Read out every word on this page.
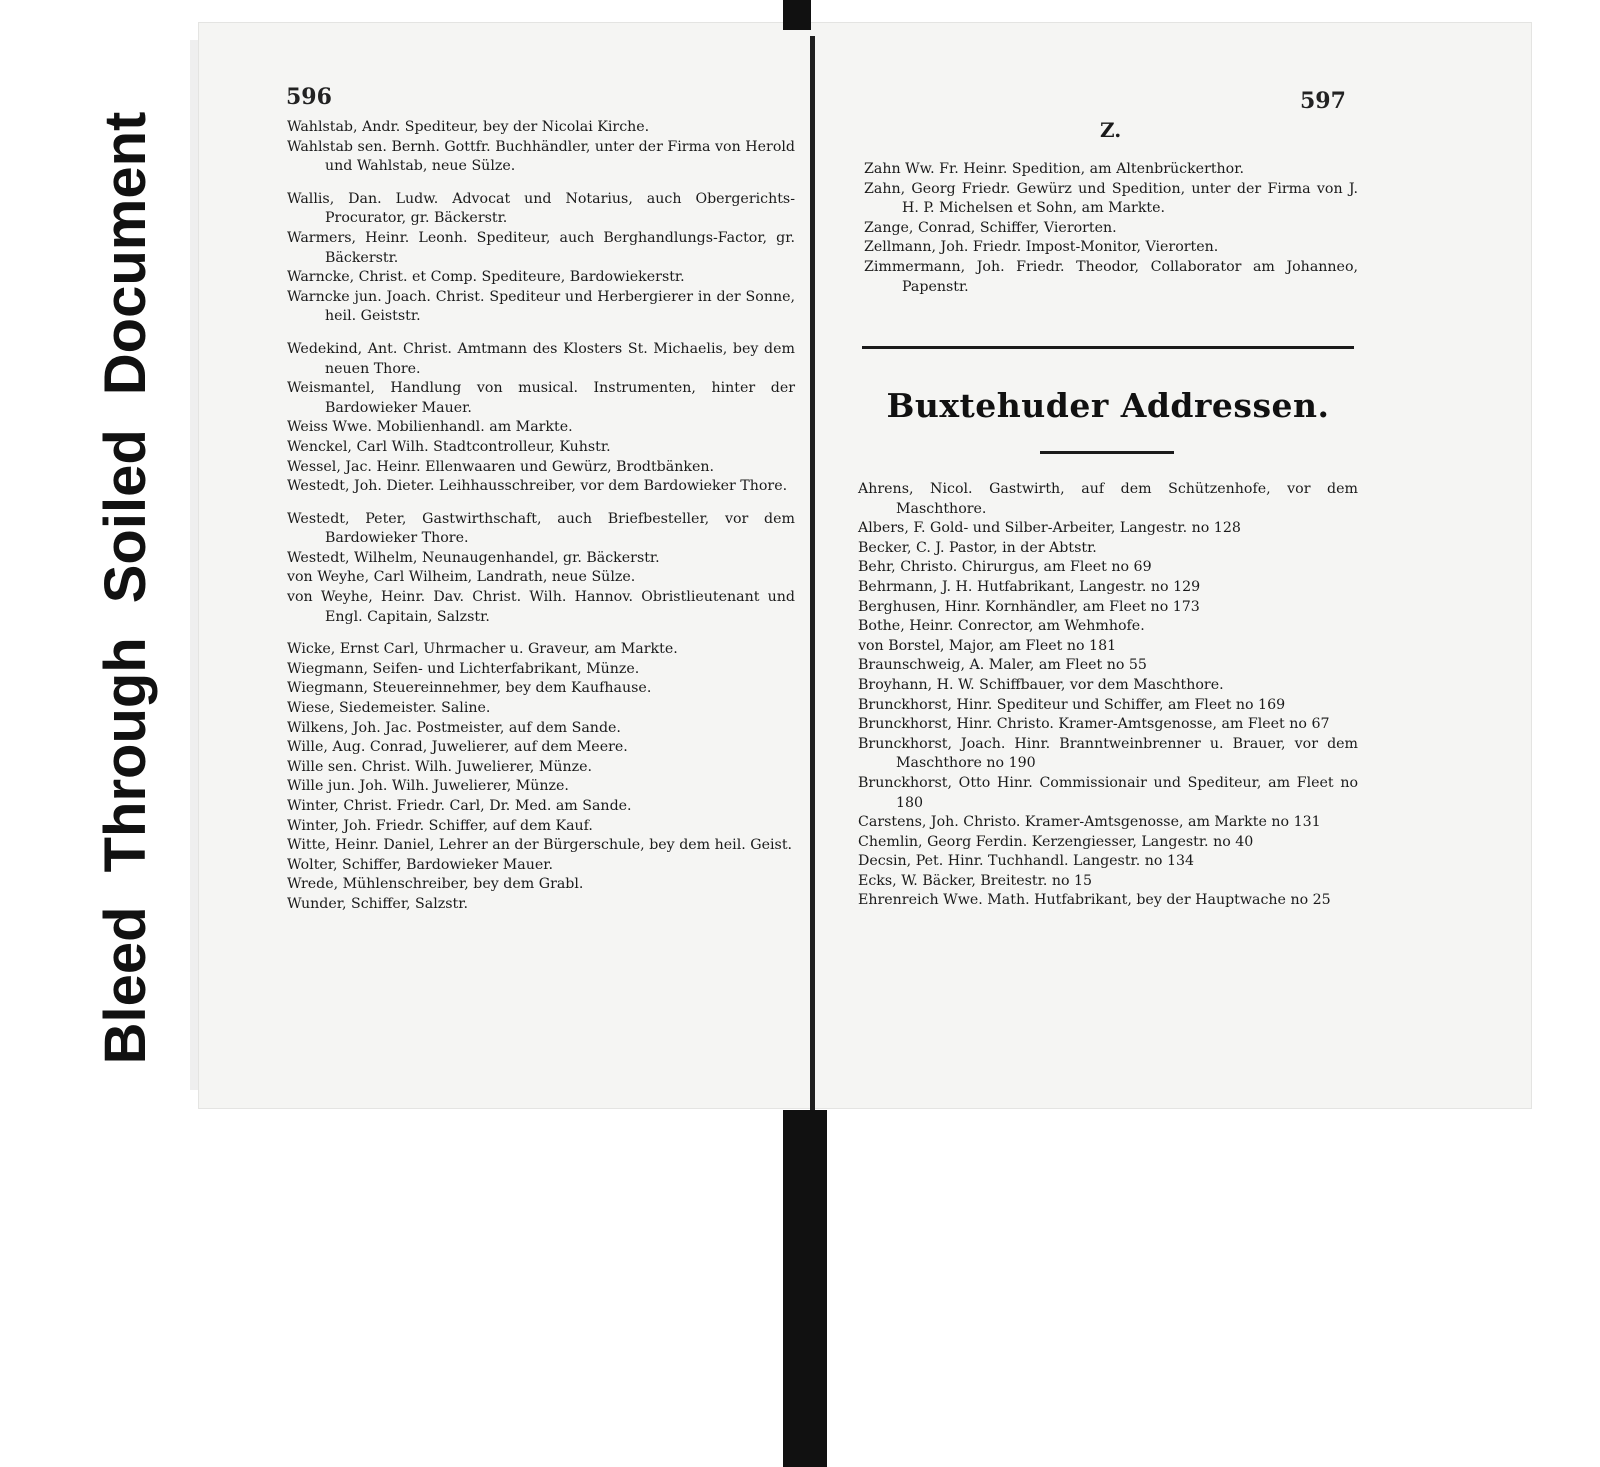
Bleed
Through
Soiled
Document
596

Wahlstab, Andr. Spediteur, bey der Nicolai Kirche.

Wahlstab sen. Bernh. Gottfr. Buchhändler, unter der Firma von Herold und Wahlstab, neue Sülze.

Wallis, Dan. Ludw. Advocat und Notarius, auch Obergerichts-Procurator, gr. Bäckerstr.

Warmers, Heinr. Leonh. Spediteur, auch Berghandlungs-Factor, gr. Bäckerstr.

Warncke, Christ. et Comp. Spediteure, Bardowiekerstr.

Warncke jun. Joach. Christ. Spediteur und Herbergierer in der Sonne, heil. Geiststr.

Wedekind, Ant. Christ. Amtmann des Klosters St. Michaelis, bey dem neuen Thore.

Weismantel, Handlung von musical. Instrumenten, hinter der Bardowieker Mauer.

Weiss Wwe. Mobilienhandl. am Markte.

Wenckel, Carl Wilh. Stadtcontrolleur, Kuhstr.

Wessel, Jac. Heinr. Ellenwaaren und Gewürz, Brodtbänken.

Westedt, Joh. Dieter. Leihhausschreiber, vor dem Bardowieker Thore.

Westedt, Peter, Gastwirthschaft, auch Briefbesteller, vor dem Bardowieker Thore.

Westedt, Wilhelm, Neunaugenhandel, gr. Bäckerstr.

von Weyhe, Carl Wilheim, Landrath, neue Sülze.

von Weyhe, Heinr. Dav. Christ. Wilh. Hannov. Obristlieutenant und Engl. Capitain, Salzstr.

Wicke, Ernst Carl, Uhrmacher u. Graveur, am Markte.

Wiegmann, Seifen- und Lichterfabrikant, Münze.

Wiegmann, Steuereinnehmer, bey dem Kaufhause.

Wiese, Siedemeister. Saline.

Wilkens, Joh. Jac. Postmeister, auf dem Sande.

Wille, Aug. Conrad, Juwelierer, auf dem Meere.

Wille sen. Christ. Wilh. Juwelierer, Münze.

Wille jun. Joh. Wilh. Juwelierer, Münze.

Winter, Christ. Friedr. Carl, Dr. Med. am Sande.

Winter, Joh. Friedr. Schiffer, auf dem Kauf.

Witte, Heinr. Daniel, Lehrer an der Bürgerschule, bey dem heil. Geist.

Wolter, Schiffer, Bardowieker Mauer.

Wrede, Mühlenschreiber, bey dem Grabl.

Wunder, Schiffer, Salzstr.

597
Z.

Zahn Ww. Fr. Heinr. Spedition, am Altenbrückerthor.

Zahn, Georg Friedr. Gewürz und Spedition, unter der Firma von J. H. P. Michelsen et Sohn, am Markte.

Zange, Conrad, Schiffer, Vierorten.

Zellmann, Joh. Friedr. Impost-Monitor, Vierorten.

Zimmermann, Joh. Friedr. Theodor, Collaborator am Johanneo, Papenstr.

Buxtehuder Addressen.

Ahrens, Nicol. Gastwirth, auf dem Schützenhofe, vor dem Maschthore.

Albers, F. Gold- und Silber-Arbeiter, Langestr. no 128

Becker, C. J. Pastor, in der Abtstr.

Behr, Christo. Chirurgus, am Fleet no 69

Behrmann, J. H. Hutfabrikant, Langestr. no 129

Berghusen, Hinr. Kornhändler, am Fleet no 173

Bothe, Heinr. Conrector, am Wehmhofe.

von Borstel, Major, am Fleet no 181

Braunschweig, A. Maler, am Fleet no 55

Broyhann, H. W. Schiffbauer, vor dem Maschthore.

Brunckhorst, Hinr. Spediteur und Schiffer, am Fleet no 169

Brunckhorst, Hinr. Christo. Kramer-Amtsgenosse, am Fleet no 67

Brunckhorst, Joach. Hinr. Branntweinbrenner u. Brauer, vor dem Maschthore no 190

Brunckhorst, Otto Hinr. Commissionair und Spediteur, am Fleet no 180

Carstens, Joh. Christo. Kramer-Amtsgenosse, am Markte no 131

Chemlin, Georg Ferdin. Kerzengiesser, Langestr. no 40

Decsin, Pet. Hinr. Tuchhandl. Langestr. no 134

Ecks, W. Bäcker, Breitestr. no 15

Ehrenreich Wwe. Math. Hutfabrikant, bey der Hauptwache no 25
